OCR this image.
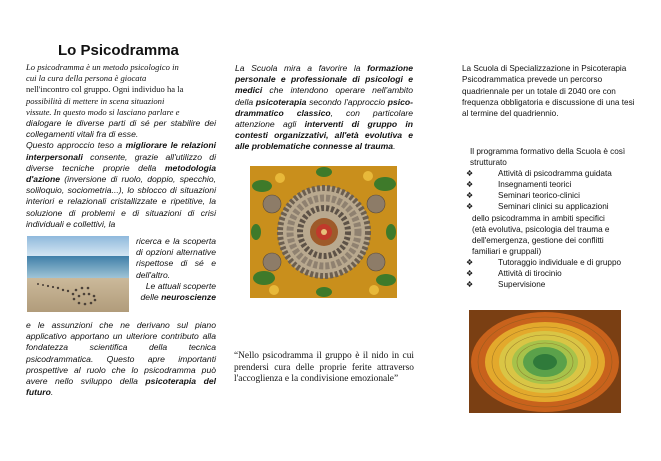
Lo Psicodramma

Lo psicodramma è un metodo psicologico in

cui la cura della persona è giocata

nell'incontro col gruppo. Ogni individuo ha la

possibilità di mettere in scena situazioni

vissute. In questo modo si lasciano parlare e

dialogare le diverse parti di sé per stabilire dei collegamenti vitali fra di esse.

Questo approccio teso a migliorare le relazioni interpersonali consente, grazie all'utilizzo di diverse tecniche proprie della metodologia d'azione (inversione di ruolo, doppio, specchio, soliloquio, sociometria...), lo sblocco di situazioni interiori e relazionali cristallizzate e ripetitive, la soluzione di problemi e di situazioni di crisi individuali e collettivi, la

ricerca e la scoperta di opzioni alternative rispettose di sé e dell'altro.

Le attuali scoperte delle neuroscienze

e le assunzioni che ne derivano sul piano applicativo apportano un ulteriore contributo alla fondatezza scientifica della tecnica psicodrammatica. Questo apre importanti prospettive al ruolo che lo psicodramma può avere nello sviluppo della psicoterapia del futuro.

La Scuola mira a favorire la formazione personale e professionale di psicologi e medici che intendono operare nell'ambito della psicoterapia secondo l'approccio psico-drammatico classico, con particolare attenzione agli interventi di gruppo in contesti organizzativi, all'età evolutiva e alle problematiche connesse al trauma.

“Nello psicodramma il gruppo è il nido in cui prendersi cura delle proprie ferite attraverso l'accoglienza e la condivisione emozionale”

La Scuola di Specializzazione in Psicoterapia Psicodrammatica prevede un percorso quadriennale per un totale di 2040 ore con frequenza obbligatoria e discussione di una tesi al termine del quadriennio.

Il programma formativo della Scuola è così strutturato

❖	Attività di psicodramma guidata
❖	Insegnamenti teorici
❖	Seminari teorico-clinici
❖	Seminari clinici su applicazioni
dello psicodramma in ambiti specifici
(età evolutiva, psicologia del trauma e
dell'emergenza, gestione dei conflitti
familiari e gruppali)
❖	Tutoraggio individuale e di gruppo
❖	Attività di tirocinio
❖	Supervisione
